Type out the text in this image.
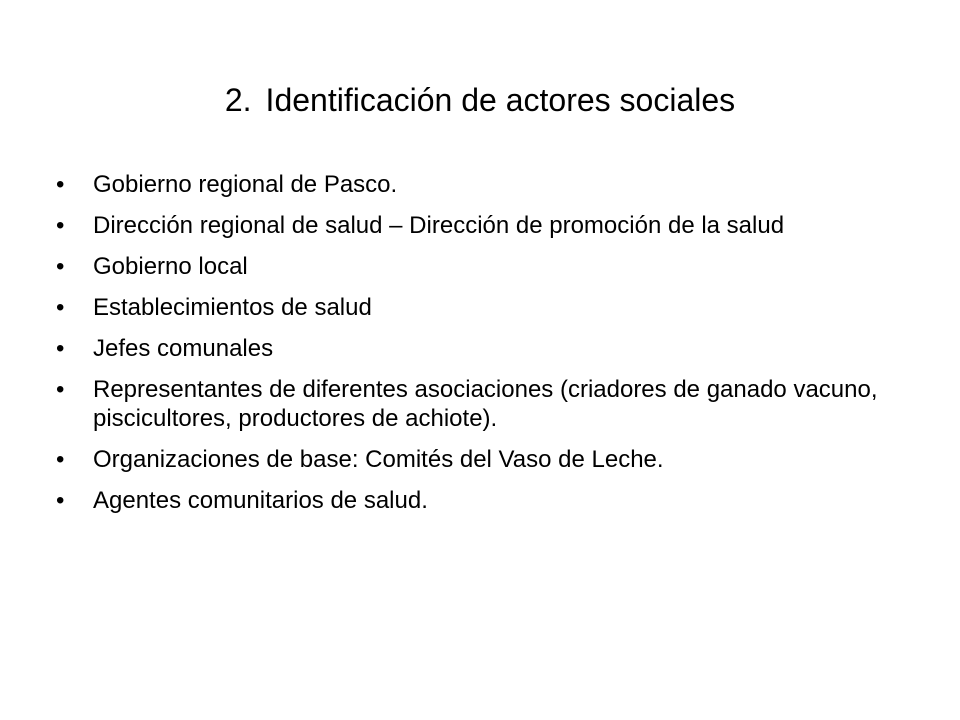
2. Identificación de actores sociales
• Gobierno regional de Pasco.
• Dirección regional de salud – Dirección de promoción de la salud
• Gobierno local
• Establecimientos de salud
• Jefes comunales
• Representantes de diferentes asociaciones (criadores de ganado vacuno, piscicultores, productores de achiote).
• Organizaciones de base: Comités del Vaso de Leche.
• Agentes comunitarios de salud.
